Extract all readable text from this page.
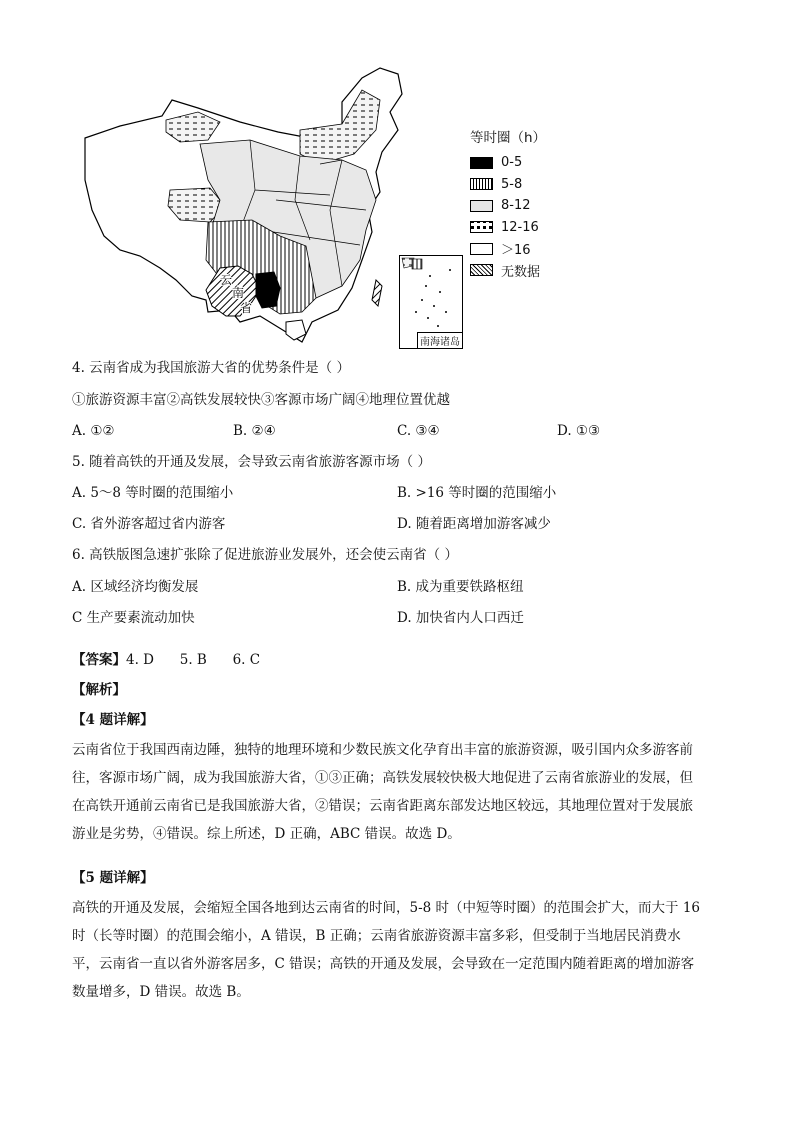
云
南
省
南海诸岛
等时圈（h）
0-5
5-8
8-12
12-16
＞16
无数据
4. 云南省成为我国旅游大省的优势条件是（ ）
①旅游资源丰富②高铁发展较快③客源市场广阔④地理位置优越
A. ①②	B. ②④	C. ③④	D. ①③
5. 随着高铁的开通及发展，会导致云南省旅游客源市场（ ）
A. 5～8 等时圈的范围缩小	B. >16 等时圈的范围缩小
C. 省外游客超过省内游客	D. 随着距离增加游客减少
6. 高铁版图急速扩张除了促进旅游业发展外，还会使云南省（ ）
A. 区域经济均衡发展	B. 成为重要铁路枢纽
C 生产要素流动加快	D. 加快省内人口西迁
【答案】4. D      5. B      6. C
【解析】
【4 题详解】

云南省位于我国西南边陲，独特的地理环境和少数民族文化孕育出丰富的旅游资源，吸引国内众多游客前

往，客源市场广阔，成为我国旅游大省，①③正确；高铁发展较快极大地促进了云南省旅游业的发展，但

在高铁开通前云南省已是我国旅游大省，②错误；云南省距离东部发达地区较远，其地理位置对于发展旅

游业是劣势，④错误。综上所述，D 正确，ABC 错误。故选 D。

【5 题详解】

高铁的开通及发展，会缩短全国各地到达云南省的时间，5-8 时（中短等时圈）的范围会扩大，而大于 16

时（长等时圈）的范围会缩小，A 错误，B 正确；云南省旅游资源丰富多彩，但受制于当地居民消费水

平，云南省一直以省外游客居多，C 错误；高铁的开通及发展，会导致在一定范围内随着距离的增加游客

数量增多，D 错误。故选 B。
